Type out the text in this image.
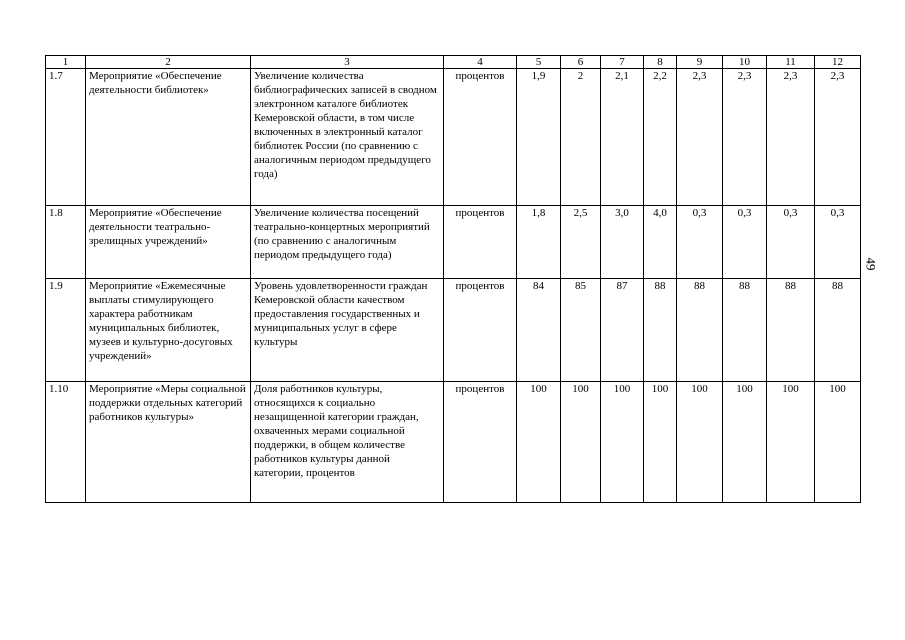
1	2	3	4	5	6	7	8	9	10	11	12
1.7	Мероприятие «Обеспечение деятельности библиотек»	Увеличение количества библиографических записей в сводном электронном каталоге библиотек Кемеровской области, в том числе включенных в электронный каталог библиотек России (по сравнению с аналогичным периодом предыдущего года)	процентов	1,9	2	2,1	2,2	2,3	2,3	2,3	2,3
1.8	Мероприятие «Обеспечение деятельности театрально-зрелищных учреждений»	Увеличение количества посещений театрально-концертных мероприятий (по сравнению с аналогичным периодом предыдущего года)	процентов	1,8	2,5	3,0	4,0	0,3	0,3	0,3	0,3
1.9	Мероприятие «Ежемесячные выплаты стимулирующего характера работникам муниципальных библиотек, музеев и культурно-досуговых учреждений»	Уровень удовлетворенности граждан Кемеровской области качеством предоставления государственных и муниципальных услуг в сфере культуры	процентов	84	85	87	88	88	88	88	88
1.10	Мероприятие «Меры социальной поддержки отдельных категорий работников культуры»	Доля работников культуры, относящихся к социально незащищенной категории граждан, охваченных мерами социальной поддержки, в общем количестве работников культуры данной категории, процентов	процентов	100	100	100	100	100	100	100	100
49
